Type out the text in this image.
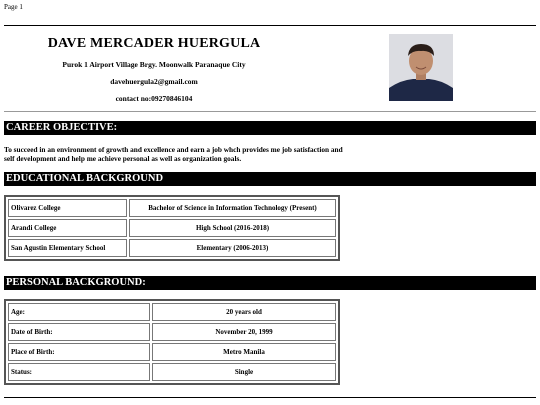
Page 1
DAVE MERCADER HUERGULA
Purok 1 Airport Village Brgy. Moonwalk Paranaque City
davehuergula2@gmail.com
contact no:09270846104
CAREER OBJECTIVE:
To succeed in an environment of growth and excellence and earn a job whch provides me job satisfaction and
self development and help me achieve personal as well as organization goals.
EDUCATIONAL BACKGROUND
Olivarez College	Bachelor of Science in Information Technology (Present)
Arandi College	High School (2016-2018)
San Agustin Elementary School	Elementary (2006-2013)
PERSONAL BACKGROUND:
Age:	20 years old
Date of Birth:	November 20, 1999
Place of Birth:	Metro Manila
Status:	Single
